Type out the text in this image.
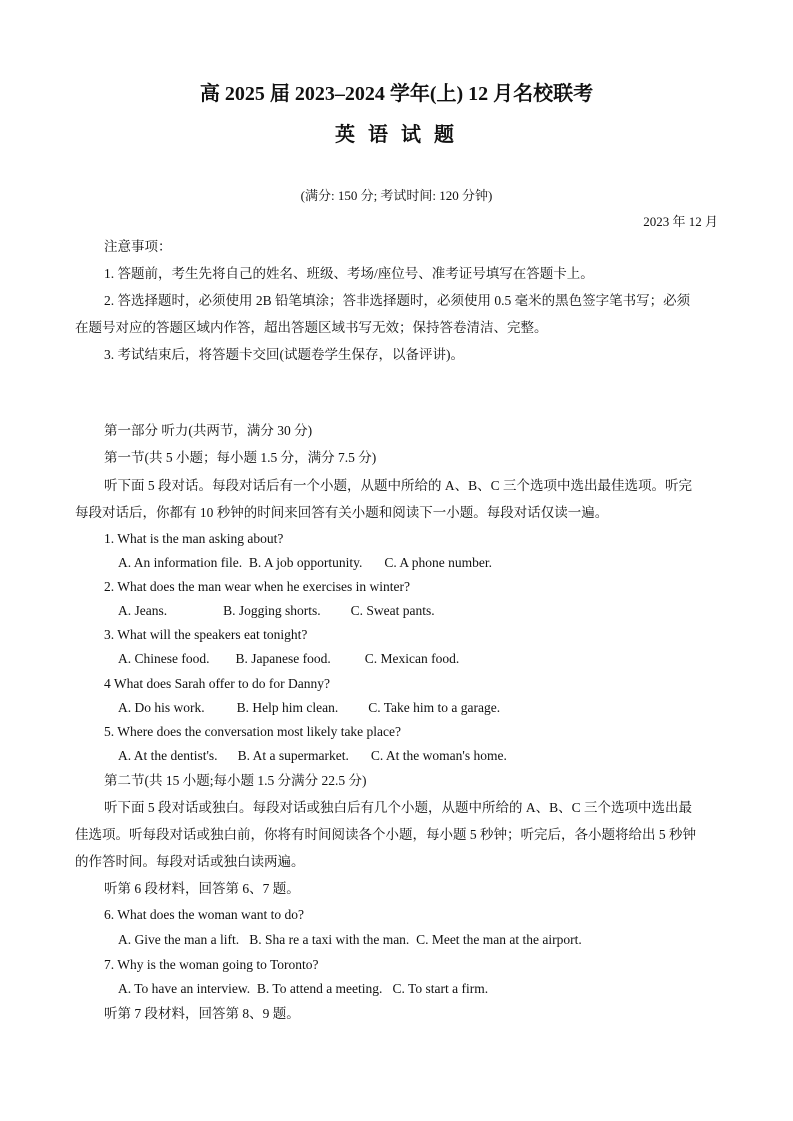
高 2025 届 2023–2024 学年(上) 12 月名校联考
英 语 试 题
(满分: 150 分; 考试时间: 120 分钟)
2023 年 12 月
注意事项：
1. 答题前，考生先将自己的姓名、班级、考场/座位号、准考证号填写在答题卡上。
2. 答选择题时，必须使用 2B 铅笔填涂；答非选择题时，必须使用 0.5 毫米的黑色签字笔书写；必须
在题号对应的答题区域内作答，超出答题区域书写无效；保持答卷清洁、完整。
3. 考试结束后，将答题卡交回(试题卷学生保存，以备评讲)。
第一部分 听力(共两节，满分 30 分)
第一节(共 5 小题；每小题 1.5 分，满分 7.5 分)
听下面 5 段对话。每段对话后有一个小题，从题中所给的 A、B、C 三个选项中选出最佳选项。听完
每段对话后，你都有 10 秒钟的时间来回答有关小题和阅读下一小题。每段对话仅读一遍。
1. What is the man asking about?
A. An information file. B. A job opportunity. C. A phone number.
2. What does the man wear when he exercises in winter?
A. Jeans.	B. Jogging shorts. C. Sweat pants.
3. What will the speakers eat tonight?
A. Chinese food. B. Japanese food.	C. Mexican food.
4 What does Sarah offer to do for Danny?
A. Do his work. B. Help him clean. C. Take him to a garage.
5. Where does the conversation most likely take place?
A. At the dentist's. B. At a supermarket. C. At the woman's home.
第二节(共 15 小题;每小题 1.5 分满分 22.5 分)
听下面 5 段对话或独白。每段对话或独白后有几个小题，从题中所给的 A、B、C 三个选项中选出最
佳选项。听每段对话或独白前，你将有时间阅读各个小题，每小题 5 秒钟；听完后，各小题将给出 5 秒钟
的作答时间。每段对话或独白读两遍。
听第 6 段材料，回答第 6、7 题。
6. What does the woman want to do?
A. Give the man a lift. B. Sha re a taxi with the man. C. Meet the man at the airport.
7. Why is the woman going to Toronto?
A. To have an interview. B. To attend a meeting. C. To start a firm.
听第 7 段材料，回答第 8、9 题。
